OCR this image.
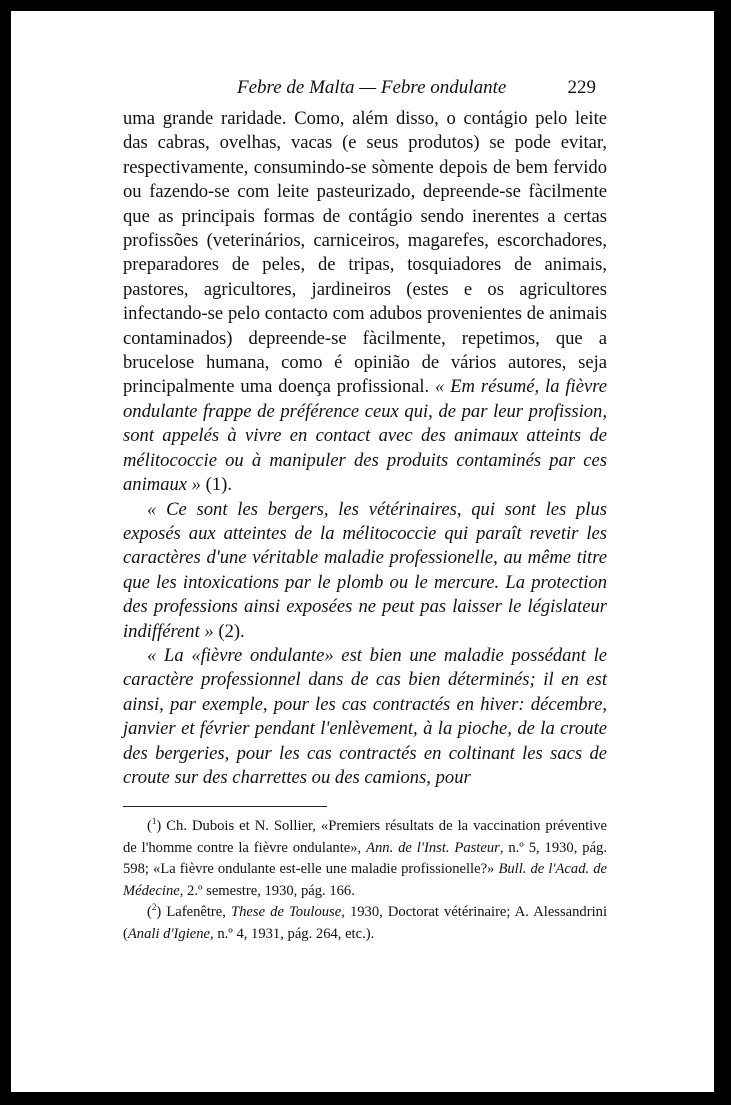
Febre de Malta — Febre ondulante	229

uma grande raridade. Como, além disso, o contágio pelo leite das cabras, ovelhas, vacas (e seus produtos) se pode evitar, respectivamente, consumindo-se sòmente depois de bem fervido ou fazendo-se com leite pasteurizado, depreende-se fàcilmente que as principais formas de contágio sendo inerentes a certas profissões (veterinários, carniceiros, magarefes, escorchadores, preparadores de peles, de tripas, tosquiadores de animais, pastores, agricultores, jardineiros (estes e os agricultores infectando-se pelo contacto com adubos provenientes de animais contaminados) depreende-se fàcilmente, repetimos, que a brucelose humana, como é opinião de vários autores, seja principalmente uma doença profissional. « Em résumé, la fièvre ondulante frappe de préférence ceux qui, de par leur profission, sont appelés à vivre en contact avec des animaux atteints de mélitococcie ou à manipuler des produits contaminés par ces animaux » (1).

« Ce sont les bergers, les vétérinaires, qui sont les plus exposés aux atteintes de la mélitococcie qui paraît revetir les caractères d'une véritable maladie professionelle, au même titre que les intoxications par le plomb ou le mercure. La protection des professions ainsi exposées ne peut pas laisser le législateur indifférent » (2).

« La «fièvre ondulante» est bien une maladie possédant le caractère professionnel dans de cas bien déterminés; il en est ainsi, par exemple, pour les cas contractés en hiver: décembre, janvier et février pendant l'enlèvement, à la pioche, de la croute des bergeries, pour les cas contractés en coltinant les sacs de croute sur des charrettes ou des camions, pour

($^1$) Ch. Dubois et N. Sollier, «Premiers résultats de la vaccination préventive de l'homme contre la fièvre ondulante», Ann. de l'Inst. Pasteur, n.º 5, 1930, pág. 598; «La fièvre ondulante est-elle une maladie profissionelle?» Bull. de l'Acad. de Médecine, 2.º semestre, 1930, pág. 166.

($^2$) Lafenêtre, These de Toulouse, 1930, Doctorat vétérinaire; A. Alessandrini (Anali d'Igiene, n.º 4, 1931, pág. 264, etc.).
